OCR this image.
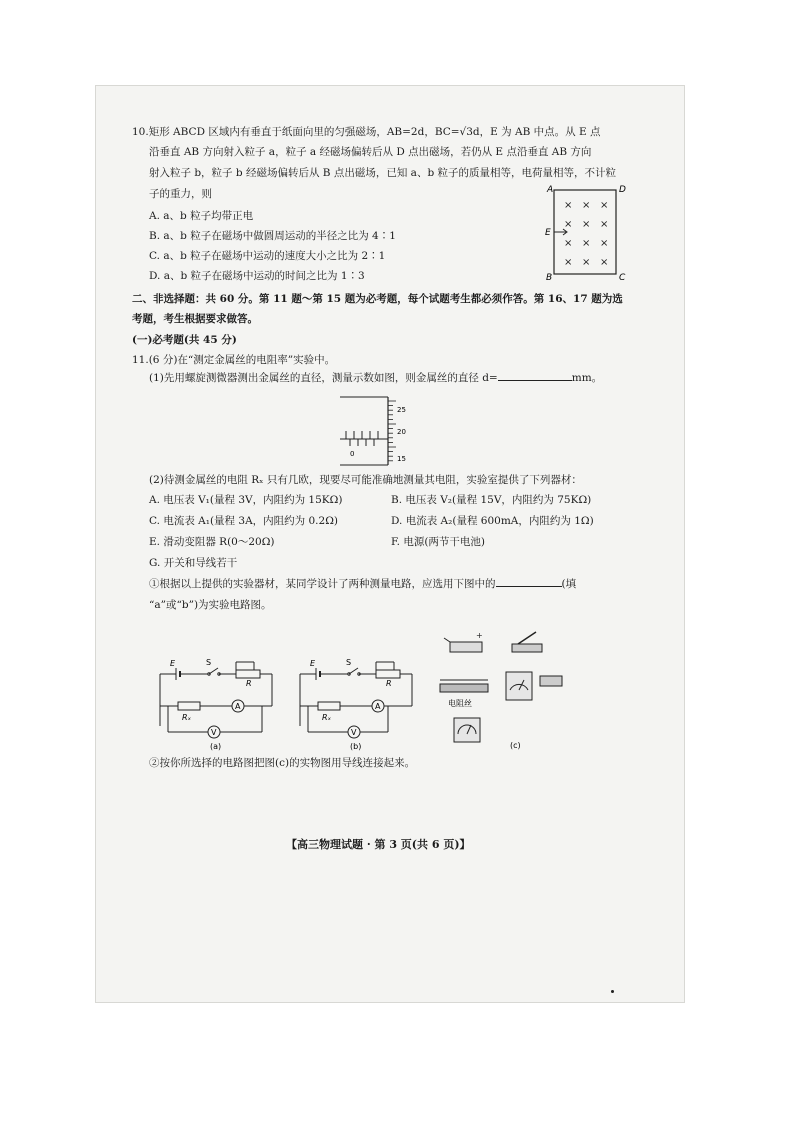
10.矩形 ABCD 区域内有垂直于纸面向里的匀强磁场，AB=2d，BC=√3d，E 为 AB 中点。从 E 点
沿垂直 AB 方向射入粒子 a，粒子 a 经磁场偏转后从 D 点出磁场，若仍从 E 点沿垂直 AB 方向
射入粒子 b，粒子 b 经磁场偏转后从 B 点出磁场，已知 a、b 粒子的质量相等，电荷量相等，不计粒
子的重力，则
A. a、b 粒子均带正电
B. a、b 粒子在磁场中做圆周运动的半径之比为 4∶1
C. a、b 粒子在磁场中运动的速度大小之比为 2∶1
D. a、b 粒子在磁场中运动的时间之比为 1∶3
A	D
E
B	C
× × ×
× × ×
× × ×
× × ×
二、非选择题：共 60 分。第 11 题～第 15 题为必考题，每个试题考生都必须作答。第 16、17 题为选
考题，考生根据要求做答。
(一)必考题(共 45 分)
11.(6 分)在“测定金属丝的电阻率”实验中。
(1)先用螺旋测微器测出金属丝的直径，测量示数如图，则金属丝的直径 d=	mm。
0
25
20
15
(2)待测金属丝的电阻 Rₓ 只有几欧，现要尽可能准确地测量其电阻，实验室提供了下列器材：
A. 电压表 V₁(量程 3V，内阻约为 15KΩ)	B. 电压表 V₂(量程 15V，内阻约为 75KΩ)
C. 电流表 A₁(量程 3A，内阻约为 0.2Ω)	D. 电流表 A₂(量程 600mA，内阻约为 1Ω)
E. 滑动变阻器 R(0～20Ω)	F. 电源(两节干电池)
G. 开关和导线若干
①根据以上提供的实验器材，某同学设计了两种测量电路，应选用下图中的	(填
“a”或“b”)为实验电路图。
E	S
R
Rₓ
A
V
(a)
E	S
R
Rₓ
A
V
(b)
+
电阻丝
(c)
②按你所选择的电路图把图(c)的实物图用导线连接起来。
【高三物理试题 · 第 3 页(共 6 页)】
